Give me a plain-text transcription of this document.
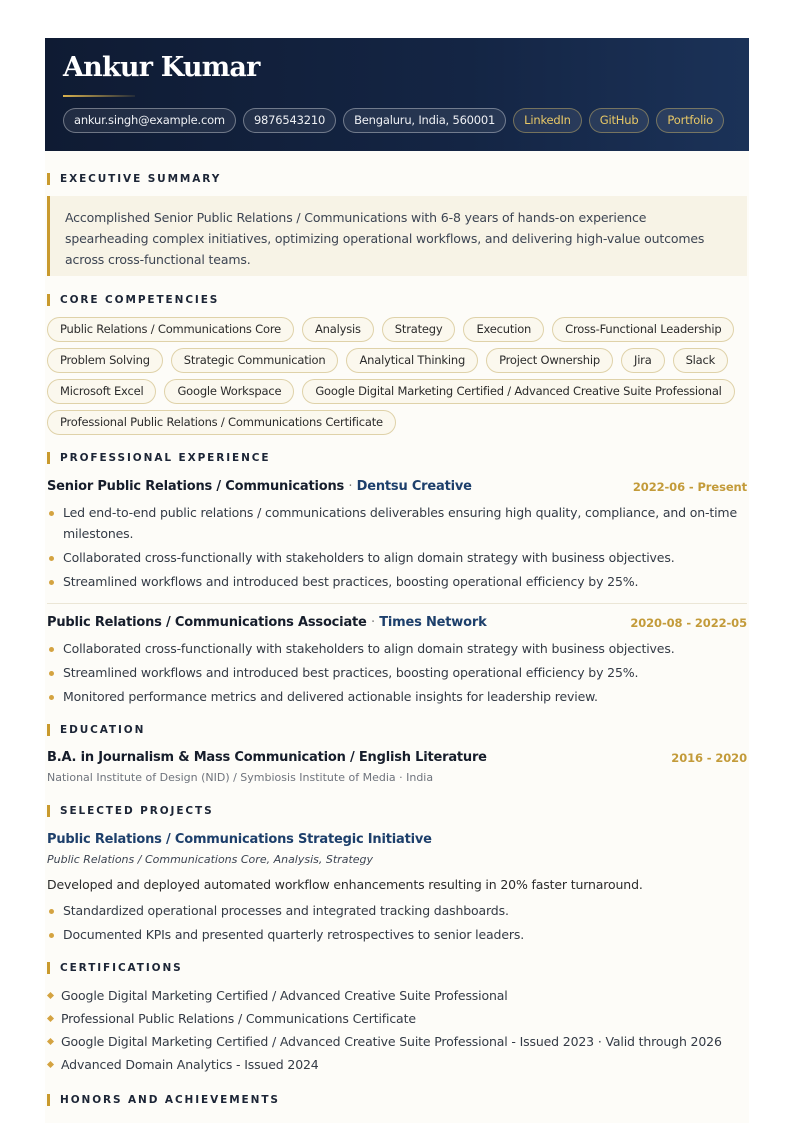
Ankur Kumar
ankur.singh@example.com	9876543210	Bengaluru, India, 560001	LinkedIn	GitHub	Portfolio
EXECUTIVE SUMMARY
Accomplished Senior Public Relations / Communications with 6-8 years of hands-on experience spearheading complex initiatives, optimizing operational workflows, and delivering high-value outcomes across cross-functional teams.
CORE COMPETENCIES
Public Relations / Communications Core	Analysis	Strategy	Execution	Cross-Functional Leadership
Problem Solving	Strategic Communication	Analytical Thinking	Project Ownership	Jira	Slack
Microsoft Excel	Google Workspace	Google Digital Marketing Certified / Advanced Creative Suite Professional
Professional Public Relations / Communications Certificate
PROFESSIONAL EXPERIENCE
Senior Public Relations / Communications · Dentsu Creative	2022-06 - Present
Led end-to-end public relations / communications deliverables ensuring high quality, compliance, and on-time milestones.
Collaborated cross-functionally with stakeholders to align domain strategy with business objectives.
Streamlined workflows and introduced best practices, boosting operational efficiency by 25%.
Public Relations / Communications Associate · Times Network	2020-08 - 2022-05
Collaborated cross-functionally with stakeholders to align domain strategy with business objectives.
Streamlined workflows and introduced best practices, boosting operational efficiency by 25%.
Monitored performance metrics and delivered actionable insights for leadership review.
EDUCATION
B.A. in Journalism & Mass Communication / English Literature	2016 - 2020
National Institute of Design (NID) / Symbiosis Institute of Media · India
SELECTED PROJECTS
Public Relations / Communications Strategic Initiative
Public Relations / Communications Core, Analysis, Strategy
Developed and deployed automated workflow enhancements resulting in 20% faster turnaround.
Standardized operational processes and integrated tracking dashboards.
Documented KPIs and presented quarterly retrospectives to senior leaders.
CERTIFICATIONS
Google Digital Marketing Certified / Advanced Creative Suite Professional
Professional Public Relations / Communications Certificate
Google Digital Marketing Certified / Advanced Creative Suite Professional - Issued 2023 · Valid through 2026
Advanced Domain Analytics - Issued 2024
HONORS AND ACHIEVEMENTS
